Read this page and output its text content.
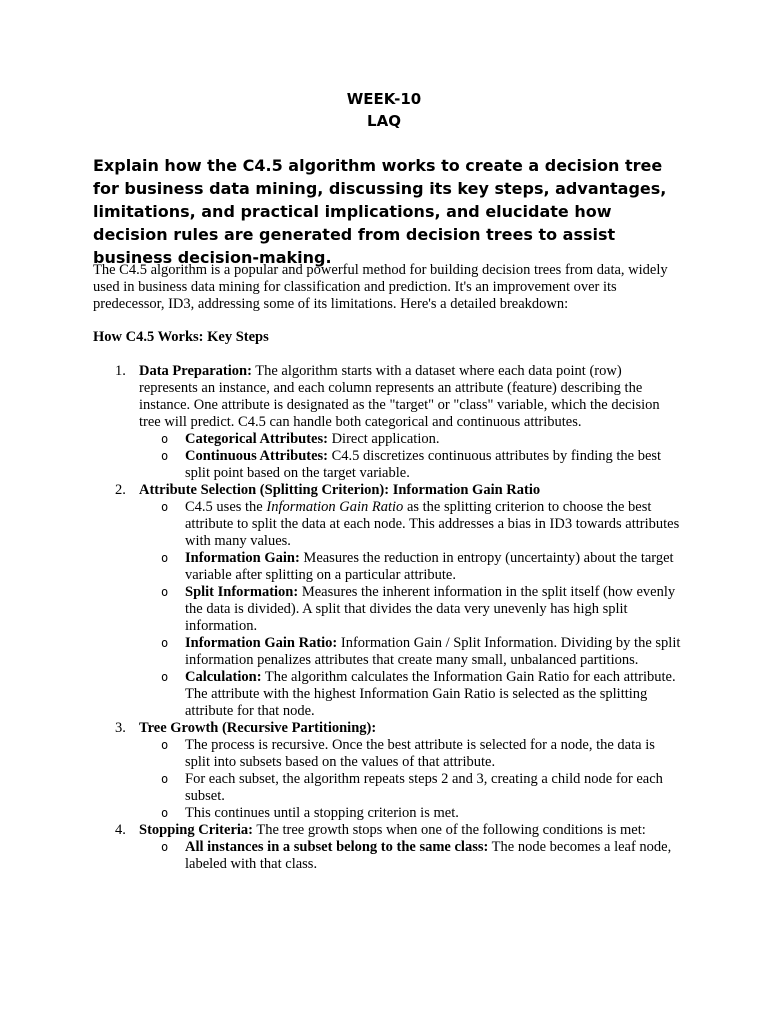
WEEK-10
LAQ

Explain how the C4.5 algorithm works to create a decision tree for business data mining, discussing its key steps, advantages, limitations, and practical implications, and elucidate how decision rules are generated from decision trees to assist business decision-making.

The C4.5 algorithm is a popular and powerful method for building decision trees from data, widely used in business data mining for classification and prediction. It's an improvement over its predecessor, ID3, addressing some of its limitations. Here's a detailed breakdown:

How C4.5 Works: Key Steps

1. Data Preparation: The algorithm starts with a dataset where each data point (row) represents an instance, and each column represents an attribute (feature) describing the instance. One attribute is designated as the "target" or "class" variable, which the decision tree will predict. C4.5 can handle both categorical and continuous attributes.
o Categorical Attributes: Direct application.
o Continuous Attributes: C4.5 discretizes continuous attributes by finding the best split point based on the target variable.
2. Attribute Selection (Splitting Criterion): Information Gain Ratio
o C4.5 uses the Information Gain Ratio as the splitting criterion to choose the best attribute to split the data at each node. This addresses a bias in ID3 towards attributes with many values.
o Information Gain: Measures the reduction in entropy (uncertainty) about the target variable after splitting on a particular attribute.
o Split Information: Measures the inherent information in the split itself (how evenly the data is divided). A split that divides the data very unevenly has high split information.
o Information Gain Ratio: Information Gain / Split Information. Dividing by the split information penalizes attributes that create many small, unbalanced partitions.
o Calculation: The algorithm calculates the Information Gain Ratio for each attribute. The attribute with the highest Information Gain Ratio is selected as the splitting attribute for that node.
3. Tree Growth (Recursive Partitioning):
o The process is recursive. Once the best attribute is selected for a node, the data is split into subsets based on the values of that attribute.
o For each subset, the algorithm repeats steps 2 and 3, creating a child node for each subset.
o This continues until a stopping criterion is met.
4. Stopping Criteria: The tree growth stops when one of the following conditions is met:
o All instances in a subset belong to the same class: The node becomes a leaf node, labeled with that class.
